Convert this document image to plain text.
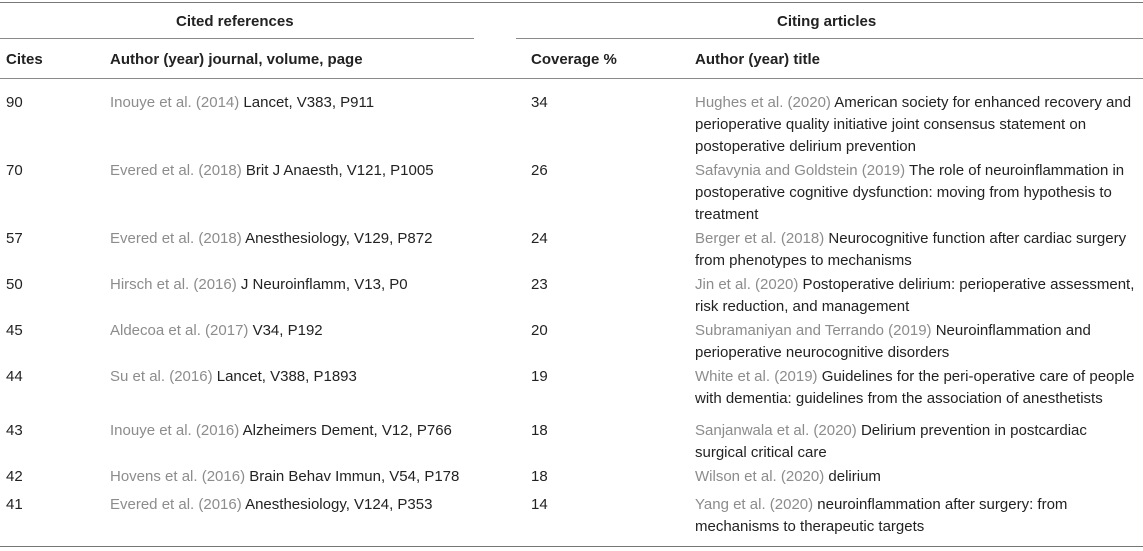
Cited references	Citing articles
Cites	Author (year) journal, volume, page	Coverage %	Author (year) title
90	Inouye et al. (2014) Lancet, V383, P911	34	Hughes et al. (2020) American society for enhanced recovery and perioperative quality initiative joint consensus statement on postoperative delirium prevention
70	Evered et al. (2018) Brit J Anaesth, V121, P1005	26	Safavynia and Goldstein (2019) The role of neuroinflammation in postoperative cognitive dysfunction: moving from hypothesis to treatment
57	Evered et al. (2018) Anesthesiology, V129, P872	24	Berger et al. (2018) Neurocognitive function after cardiac surgery from phenotypes to mechanisms
50	Hirsch et al. (2016) J Neuroinflamm, V13, P0	23	Jin et al. (2020) Postoperative delirium: perioperative assessment, risk reduction, and management
45	Aldecoa et al. (2017) V34, P192	20	Subramaniyan and Terrando (2019) Neuroinflammation and perioperative neurocognitive disorders
44	Su et al. (2016) Lancet, V388, P1893	19	White et al. (2019) Guidelines for the peri-operative care of people with dementia: guidelines from the association of anesthetists
43	Inouye et al. (2016) Alzheimers Dement, V12, P766	18	Sanjanwala et al. (2020) Delirium prevention in postcardiac surgical critical care
42	Hovens et al. (2016) Brain Behav Immun, V54, P178	18	Wilson et al. (2020) delirium
41	Evered et al. (2016) Anesthesiology, V124, P353	14	Yang et al. (2020) neuroinflammation after surgery: from mechanisms to therapeutic targets
